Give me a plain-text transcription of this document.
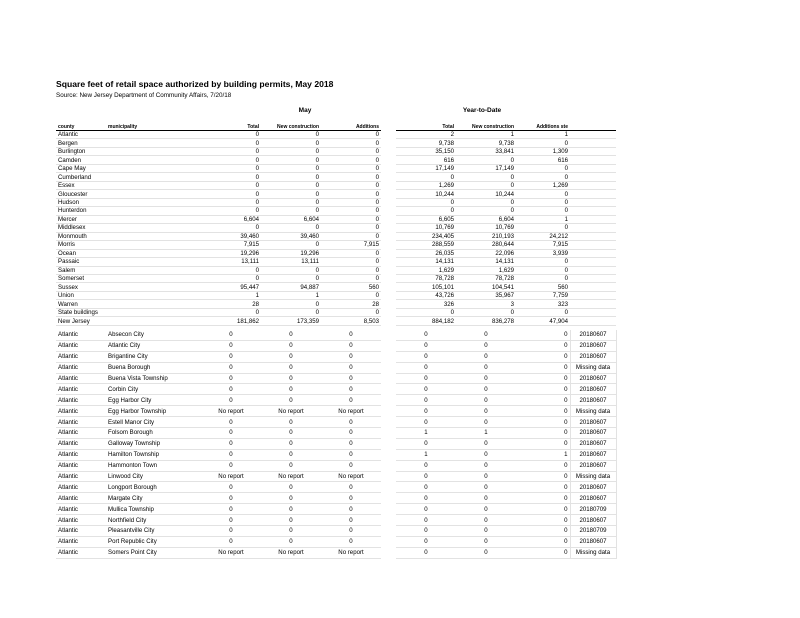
Square feet of retail space authorized by building permits, May 2018
Source: New Jersey Department of Community Affairs, 7/20/18
May	Year-to-Date
county	municipality	Total	New construction	Additions		Total	New construction	Additions ste	
Atlantic		0	0	0		2	1	1	
Bergen		0	0	0		9,738	9,738	0	
Burlington		0	0	0		35,150	33,841	1,309	
Camden		0	0	0		616	0	616	
Cape May		0	0	0		17,149	17,149	0	
Cumberland		0	0	0		0	0	0	
Essex		0	0	0		1,269	0	1,269	
Gloucester		0	0	0		10,244	10,244	0	
Hudson		0	0	0		0	0	0	
Hunterdon		0	0	0		0	0	0	
Mercer		6,604	6,604	0		6,605	6,604	1	
Middlesex		0	0	0		10,769	10,769	0	
Monmouth		39,460	39,460	0		234,405	210,193	24,212	
Morris		7,915	0	7,915		288,559	280,644	7,915	
Ocean		19,296	19,296	0		26,035	22,096	3,939	
Passaic		13,111	13,111	0		14,131	14,131	0	
Salem		0	0	0		1,629	1,629	0	
Somerset		0	0	0		78,728	78,728	0	
Sussex		95,447	94,887	560		105,101	104,541	560	
Union		1	1	0		43,726	35,967	7,759	
Warren		28	0	28		326	3	323	
State buildings		0	0	0		0	0	0	
New Jersey		181,862	173,359	8,503		884,182	836,278	47,904	
Atlantic	Absecon City	0	0	0		0	0	0	20180607
Atlantic	Atlantic City	0	0	0		0	0	0	20180607
Atlantic	Brigantine City	0	0	0		0	0	0	20180607
Atlantic	Buena Borough	0	0	0		0	0	0	Missing data
Atlantic	Buena Vista Township	0	0	0		0	0	0	20180607
Atlantic	Corbin City	0	0	0		0	0	0	20180607
Atlantic	Egg Harbor City	0	0	0		0	0	0	20180607
Atlantic	Egg Harbor Township	No report	No report	No report		0	0	0	Missing data
Atlantic	Estell Manor City	0	0	0		0	0	0	20180607
Atlantic	Folsom Borough	0	0	0		1	1	0	20180607
Atlantic	Galloway Township	0	0	0		0	0	0	20180607
Atlantic	Hamilton Township	0	0	0		1	0	1	20180607
Atlantic	Hammonton Town	0	0	0		0	0	0	20180607
Atlantic	Linwood City	No report	No report	No report		0	0	0	Missing data
Atlantic	Longport Borough	0	0	0		0	0	0	20180607
Atlantic	Margate City	0	0	0		0	0	0	20180607
Atlantic	Mullica Township	0	0	0		0	0	0	20180709
Atlantic	Northfield City	0	0	0		0	0	0	20180607
Atlantic	Pleasantville City	0	0	0		0	0	0	20180709
Atlantic	Port Republic City	0	0	0		0	0	0	20180607
Atlantic	Somers Point City	No report	No report	No report		0	0	0	Missing data
